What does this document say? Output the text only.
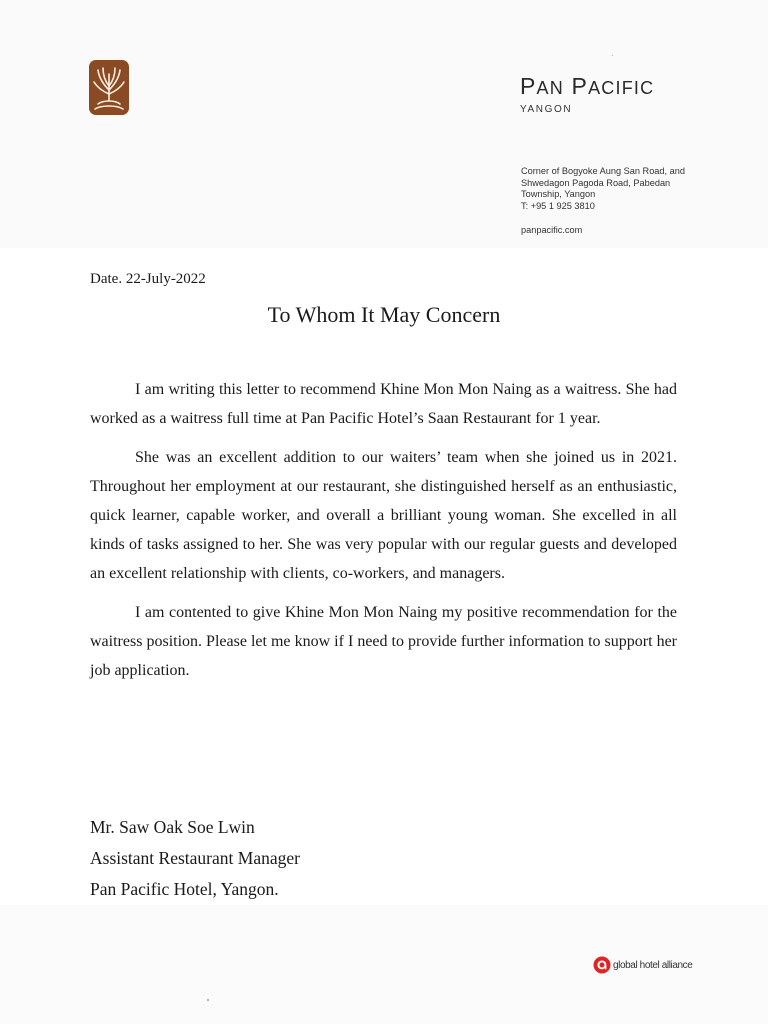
PAN PACIFIC
YANGON
Corner of Bogyoke Aung San Road, and
Shwedagon Pagoda Road, Pabedan
Township, Yangon
T: +95 1 925 3810
panpacific.com
Date. 22-July-2022
To Whom It May Concern

I am writing this letter to recommend Khine Mon Mon Naing as a waitress. She had worked as a waitress full time at Pan Pacific Hotel’s Saan Restaurant for 1 year.

She was an excellent addition to our waiters’ team when she joined us in 2021. Throughout her employment at our restaurant, she distinguished herself as an enthusiastic, quick learner, capable worker, and overall a brilliant young woman. She excelled in all kinds of tasks assigned to her. She was very popular with our regular guests and developed an excellent relationship with clients, co-workers, and managers.

I am contented to give Khine Mon Mon Naing my positive recommendation for the waitress position. Please let me know if I need to provide further information to support her job application.

Mr. Saw Oak Soe Lwin
Assistant Restaurant Manager
Pan Pacific Hotel, Yangon.
global hotel alliance
